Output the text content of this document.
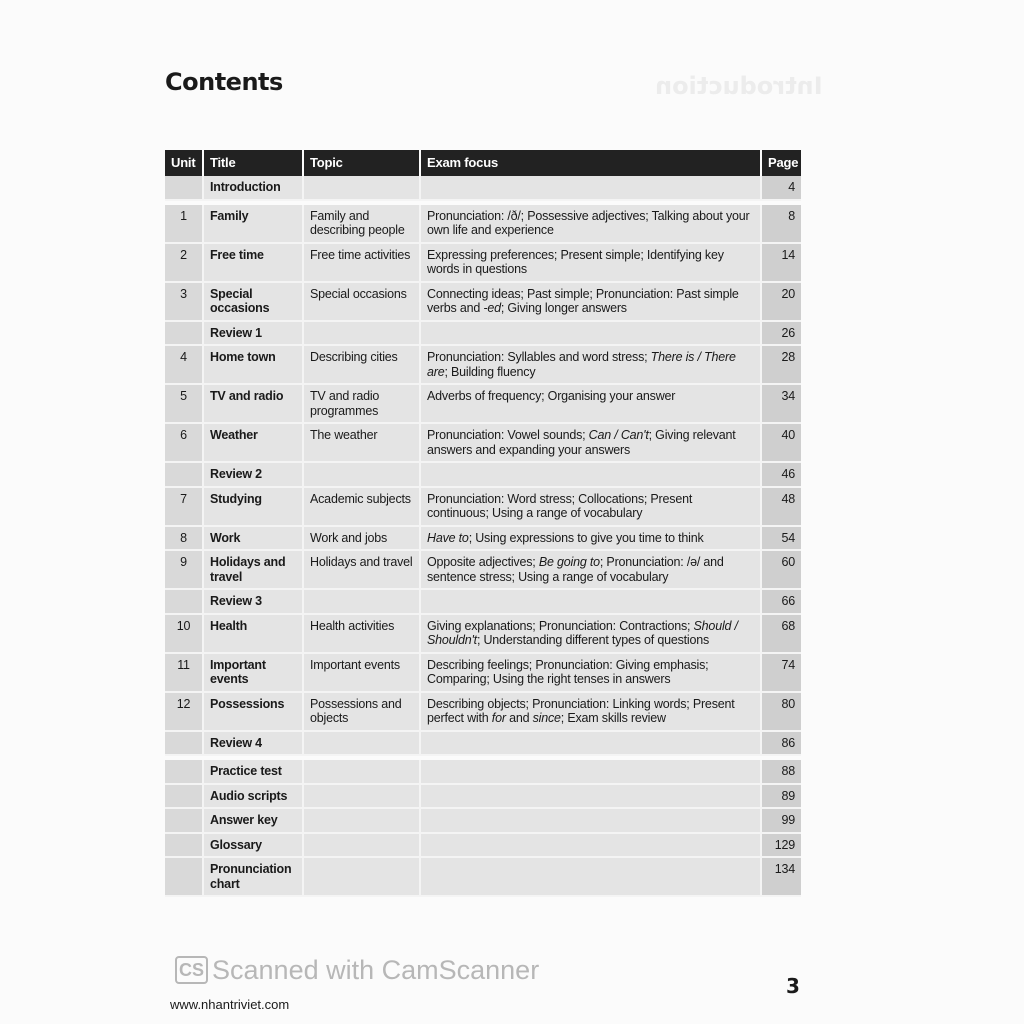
Introduction
Contents
Unit	Title	Topic	Exam focus	Page
	Introduction			4

1	Family	Family and describing people	Pronunciation: /ð/; Possessive adjectives; Talking about your own life and experience	8
2	Free time	Free time activities	Expressing preferences; Present simple; Identifying key words in questions	14
3	Special occasions	Special occasions	Connecting ideas; Past simple; Pronunciation: Past simple verbs and -ed; Giving longer answers	20
	Review 1			26
4	Home town	Describing cities	Pronunciation: Syllables and word stress; There is / There are; Building fluency	28
5	TV and radio	TV and radio programmes	Adverbs of frequency; Organising your answer	34
6	Weather	The weather	Pronunciation: Vowel sounds; Can / Can't; Giving relevant answers and expanding your answers	40
	Review 2			46
7	Studying	Academic subjects	Pronunciation: Word stress; Collocations; Present continuous; Using a range of vocabulary	48
8	Work	Work and jobs	Have to; Using expressions to give you time to think	54
9	Holidays and travel	Holidays and travel	Opposite adjectives; Be going to; Pronunciation: /ə/ and sentence stress; Using a range of vocabulary	60
	Review 3			66
10	Health	Health activities	Giving explanations; Pronunciation: Contractions; Should / Shouldn't; Understanding different types of questions	68
11	Important events	Important events	Describing feelings; Pronunciation: Giving emphasis; Comparing; Using the right tenses in answers	74
12	Possessions	Possessions and objects	Describing objects; Pronunciation: Linking words; Present perfect with for and since; Exam skills review	80
	Review 4			86

	Practice test			88
	Audio scripts			89
	Answer key			99
	Glossary			129
	Pronunciation chart			134
CS Scanned with CamScanner
www.nhantriviet.com
3
